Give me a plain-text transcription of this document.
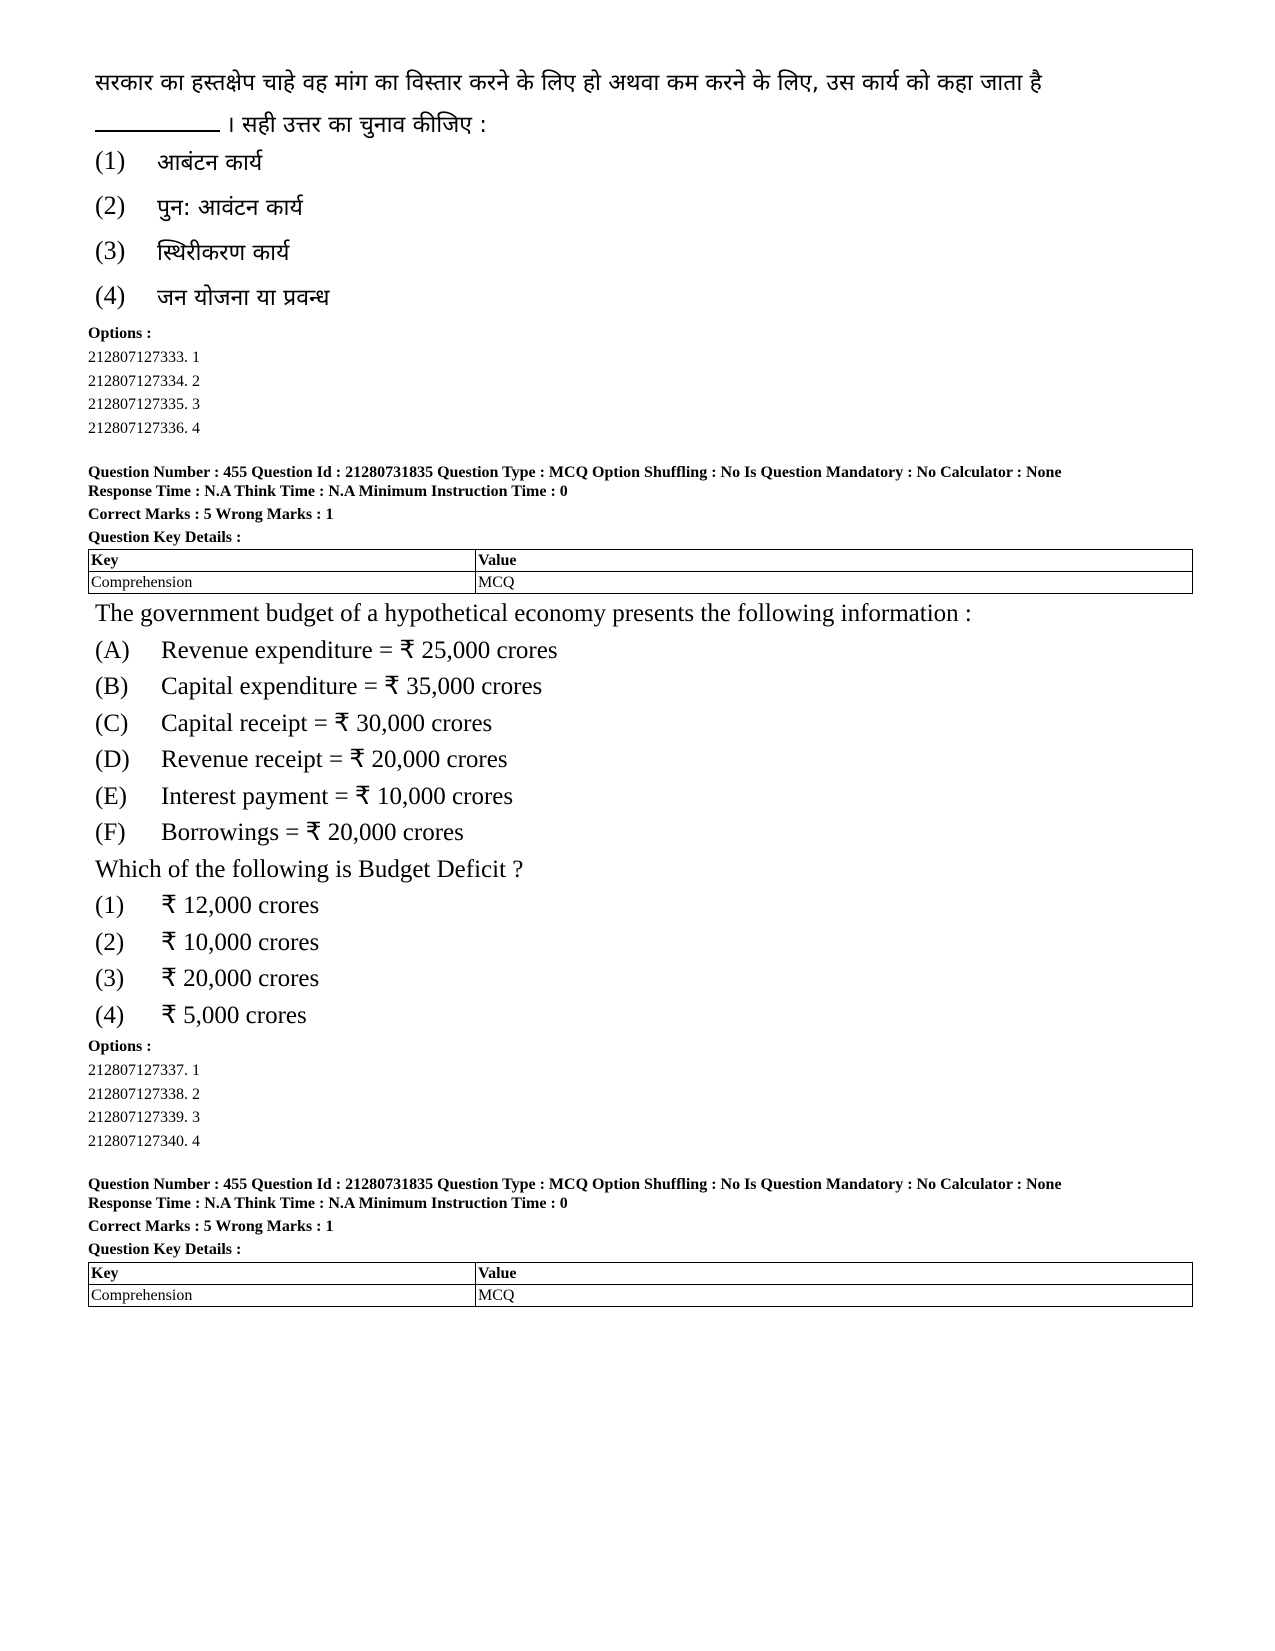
सरकार का हस्तक्षेप चाहे वह मांग का विस्तार करने के लिए हो अथवा कम करने के लिए, उस कार्य को कहा जाता है
। सही उत्तर का चुनाव कीजिए :
(1)	आबंटन कार्य
(2)	पुन: आवंटन कार्य
(3)	स्थिरीकरण कार्य
(4)	जन योजना या प्रवन्ध
Options :
212807127333. 1
212807127334. 2
212807127335. 3
212807127336. 4
Question Number : 455 Question Id : 21280731835 Question Type : MCQ Option Shuffling : No Is Question Mandatory : No Calculator : None
Response Time : N.A Think Time : N.A Minimum Instruction Time : 0
Correct Marks : 5 Wrong Marks : 1
Question Key Details :
Key	Value
Comprehension	MCQ
The government budget of a hypothetical economy presents the following information :
(A)	Revenue expenditure = ₹ 25,000 crores
(B)	Capital expenditure = ₹ 35,000 crores
(C)	Capital receipt = ₹ 30,000 crores
(D)	Revenue receipt = ₹ 20,000 crores
(E)	Interest payment = ₹ 10,000 crores
(F)	Borrowings = ₹ 20,000 crores
Which of the following is Budget Deficit ?
(1)	₹ 12,000 crores
(2)	₹ 10,000 crores
(3)	₹ 20,000 crores
(4)	₹ 5,000 crores
Options :
212807127337. 1
212807127338. 2
212807127339. 3
212807127340. 4
Question Number : 455 Question Id : 21280731835 Question Type : MCQ Option Shuffling : No Is Question Mandatory : No Calculator : None
Response Time : N.A Think Time : N.A Minimum Instruction Time : 0
Correct Marks : 5 Wrong Marks : 1
Question Key Details :
Key	Value
Comprehension	MCQ
